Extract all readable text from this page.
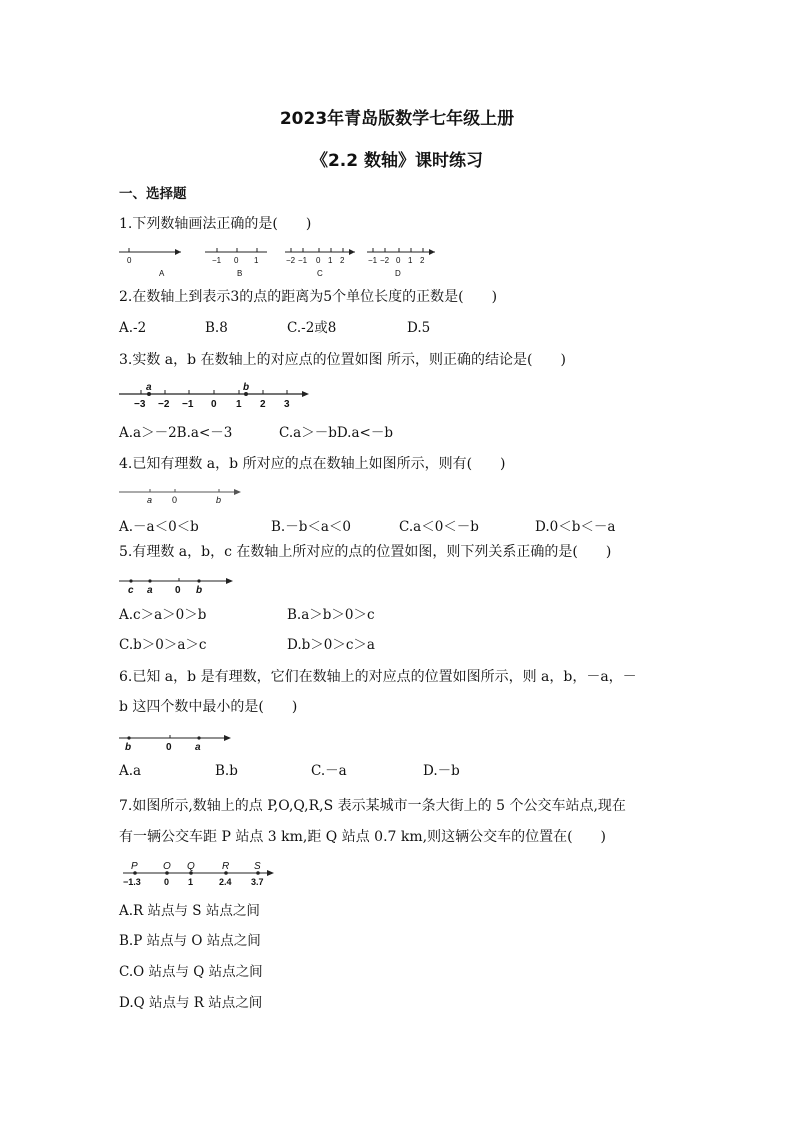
2023年青岛版数学七年级上册
《2.2 数轴》课时练习
一、选择题
1.下列数轴画法正确的是(　　)
0
A
−1 0 1
B
−2 −1 0 1 2
C
−1 −2 0 1 2
D
2.在数轴上到表示3的点的距离为5个单位长度的正数是(　　)
A.-2	B.8	C.-2或8	D.5
3.实数 a，b 在数轴上的对应点的位置如图 所示，则正确的结论是(　　)
a	b
−3 −2 −1 0 1 2 3
A.a＞－2B.a<－3	C.a＞－bD.a<－b
4.已知有理数 a，b 所对应的点在数轴上如图所示，则有(　　)
a 0	b
A.－a＜0＜b	B.－b＜a＜0	C.a＜0＜－b	D.0＜b＜－a
5.有理数 a，b，c 在数轴上所对应的点的位置如图，则下列关系正确的是(　　)
c a 0 b
A.c＞a＞0＞b	B.a＞b＞0＞c
C.b＞0＞a＞c	D.b＞0＞c＞a
6.已知 a，b 是有理数，它们在数轴上的对应点的位置如图所示，则 a，b，－a，－
b 这四个数中最小的是(　　)
b	0 a
A.a	B.b	C.－a	D.－b
7.如图所示,数轴上的点 P,O,Q,R,S 表示某城市一条大街上的 5 个公交车站点,现在
有一辆公交车距 P 站点 3 km,距 Q 站点 0.7 km,则这辆公交车的位置在(　　)
P	O Q	R S
−1.3	0 1	2.4 3.7
A.R 站点与 S 站点之间
B.P 站点与 O 站点之间
C.O 站点与 Q 站点之间
D.Q 站点与 R 站点之间
